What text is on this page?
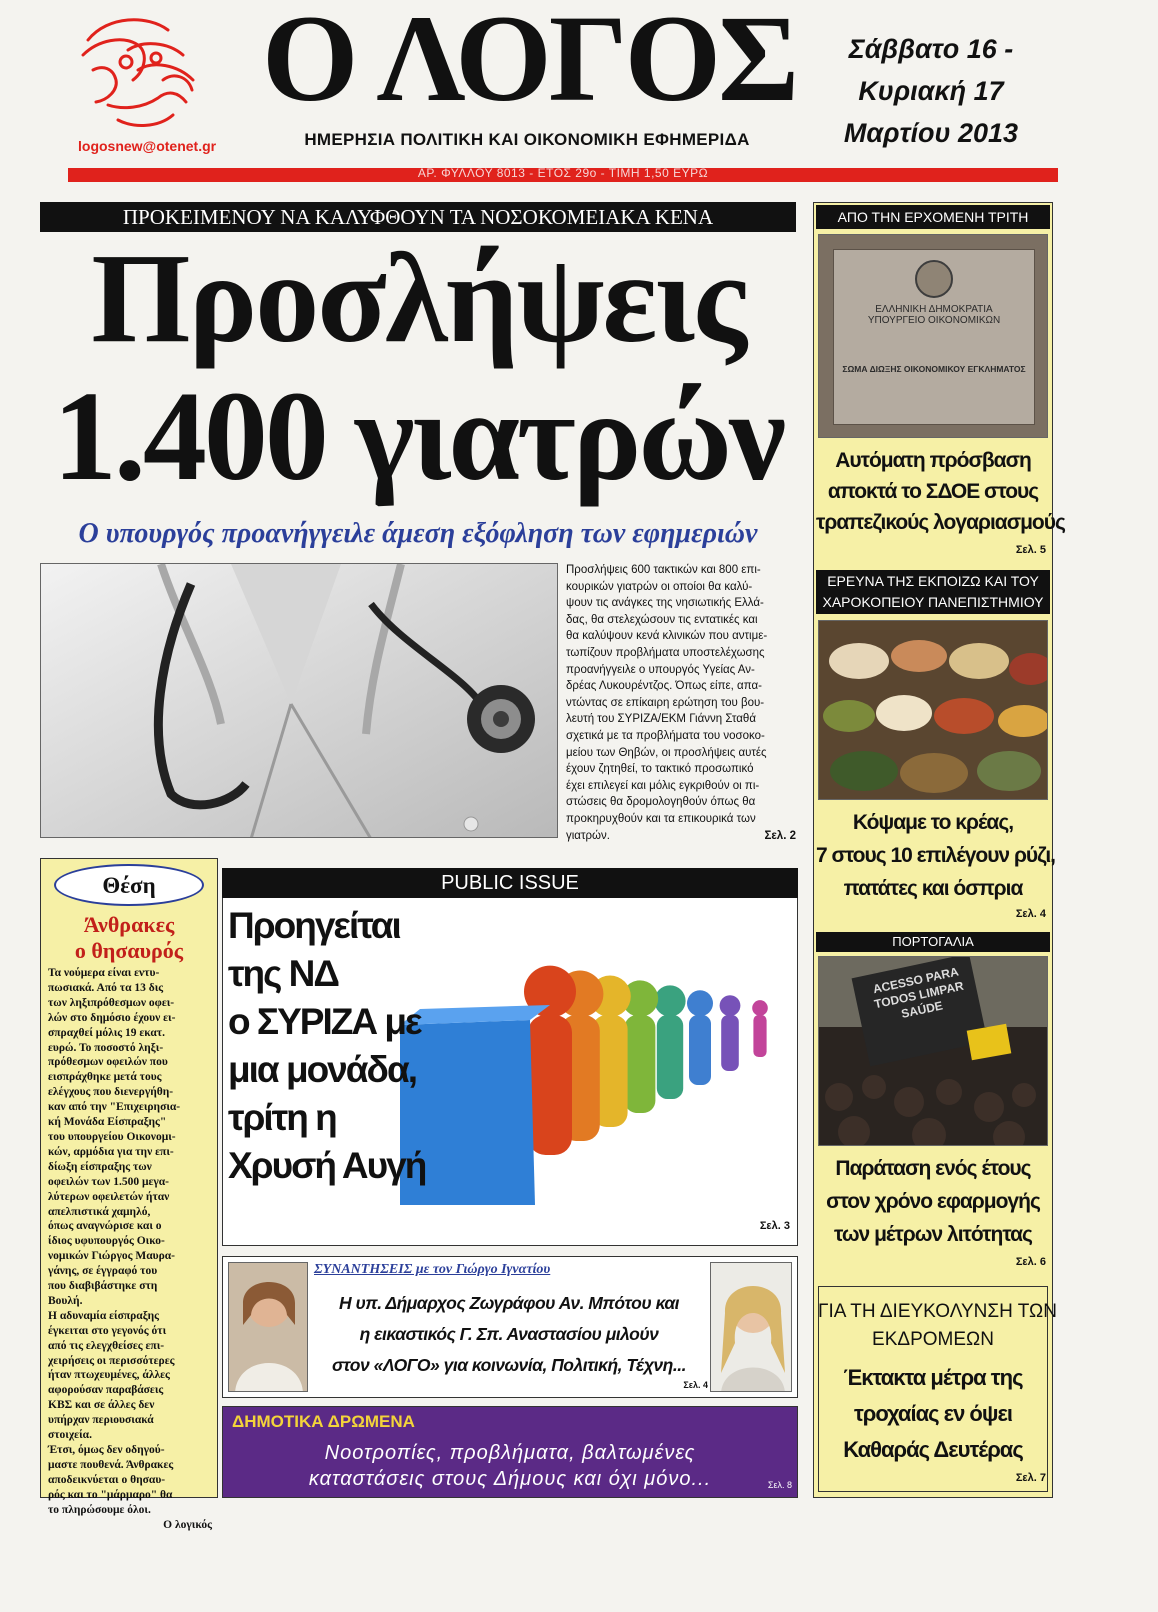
logosnew@otenet.gr
Ο ΛΟΓΟΣ
ΗΜΕΡΗΣΙΑ ΠΟΛΙΤΙΚΗ ΚΑΙ ΟΙΚΟΝΟΜΙΚΗ ΕΦΗΜΕΡΙΔΑ
Σάββατο 16 -
Κυριακή 17
Μαρτίου 2013
ΑΡ. ΦΥΛΛΟΥ 8013 - ΕΤΟΣ 29ο - ΤΙΜΗ 1,50 ΕΥΡΩ
ΠΡΟΚΕΙΜΕΝΟΥ ΝΑ ΚΑΛΥΦΘΟΥΝ ΤΑ ΝΟΣΟΚΟΜΕΙΑΚΑ ΚΕΝΑ
Προσλήψεις
1.400 γιατρών
Ο υπουργός προανήγγειλε άμεση εξόφληση των εφημεριών
Προσλήψεις 600 τακτικών και 800 επι-
κουρικών γιατρών οι οποίοι θα καλύ-
ψουν τις ανάγκες της νησιωτικής Ελλά-
δας, θα στελεχώσουν τις εντατικές και
θα καλύψουν κενά κλινικών που αντιμε-
τωπίζουν προβλήματα υποστελέχωσης
προανήγγειλε ο υπουργός Υγείας Αν-
δρέας Λυκουρέντζος. Όπως είπε, απα-
ντώντας σε επίκαιρη ερώτηση του βου-
λευτή του ΣΥΡΙΖΑ/ΕΚΜ Γιάννη Σταθά
σχετικά με τα προβλήματα του νοσοκο-
μείου των Θηβών, οι προσλήψεις αυτές
έχουν ζητηθεί, το τακτικό προσωπικό
έχει επιλεγεί και μόλις εγκριθούν οι πι-
στώσεις θα δρομολογηθούν όπως θα
προκηρυχθούν και τα επικουρικά των
γιατρών.	Σελ. 2
ΑΠΟ ΤΗΝ ΕΡΧΟΜΕΝΗ ΤΡΙΤΗ
ΕΛΛΗΝΙΚΗ ΔΗΜΟΚΡΑΤΙΑ
ΥΠΟΥΡΓΕΙΟ ΟΙΚΟΝΟΜΙΚΩΝ
ΣΩΜΑ ΔΙΩΞΗΣ ΟΙΚΟΝΟΜΙΚΟΥ ΕΓΚΛΗΜΑΤΟΣ
Αυτόματη πρόσβαση
αποκτά το ΣΔΟΕ στους
τραπεζικούς λογαριασμούς
Σελ. 5
ΕΡΕΥΝΑ ΤΗΣ ΕΚΠΟΙΖΩ ΚΑΙ ΤΟΥ
ΧΑΡΟΚΟΠΕΙΟΥ ΠΑΝΕΠΙΣΤΗΜΙΟΥ
Κόψαμε το κρέας,
7 στους 10 επιλέγουν ρύζι,
πατάτες και όσπρια
Σελ. 4
ΠΟΡΤΟΓΑΛΙΑ
ACESSO PARA TODOS LIMPAR SAÚDE
Παράταση ενός έτους
στον χρόνο εφαρμογής
των μέτρων λιτότητας
Σελ. 6
ΓΙΑ ΤΗ ΔΙΕΥΚΟΛΥΝΣΗ ΤΩΝ
ΕΚΔΡΟΜΕΩΝ
Έκτακτα μέτρα της
τροχαίας εν όψει
Καθαράς Δευτέρας
Σελ. 7
Θέση
Άνθρακες
ο θησαυρός
Τα νούμερα είναι εντυ-
πωσιακά. Από τα 13 δις
των ληξιπρόθεσμων οφει-
λών στο δημόσιο έχουν ει-
σπραχθεί μόλις 19 εκατ.
ευρώ. Το ποσοστό ληξι-
πρόθεσμων οφειλών που
εισπράχθηκε μετά τους
ελέγχους που διενεργήθη-
καν από την "Επιχειρησια-
κή Μονάδα Είσπραξης"
του υπουργείου Οικονομι-
κών, αρμόδια για την επι-
δίωξη είσπραξης των
οφειλών των 1.500 μεγα-
λύτερων οφειλετών ήταν
απελπιστικά χαμηλό,
όπως αναγνώρισε και ο
ίδιος υφυπουργός Οικο-
νομικών Γιώργος Μαυρα-
γάνης, σε έγγραφό του
που διαβιβάστηκε στη
Βουλή.
Η αδυναμία είσπραξης
έγκειται στο γεγονός ότι
από τις ελεγχθείσες επι-
χειρήσεις οι περισσότερες
ήταν πτωχευμένες, άλλες
αφορούσαν παραβάσεις
ΚΒΣ και σε άλλες δεν
υπήρχαν περιουσιακά
στοιχεία.
Έτσι, όμως δεν οδηγού-
μαστε πουθενά. Άνθρακες
αποδεικνύεται ο θησαυ-
ρός και το "μάρμαρο" θα
το πληρώσουμε όλοι.
Ο λογικός
PUBLIC ISSUE
Προηγείται
της ΝΔ
ο ΣΥΡΙΖΑ με
μια μονάδα,
τρίτη η
Χρυσή Αυγή
Σελ. 3
ΣΥΝΑΝΤΗΣΕΙΣ με τον Γιώργο Ιγνατίου
Η υπ. Δήμαρχος Ζωγράφου Αν. Μπότου και
η εικαστικός Γ. Σπ. Αναστασίου μιλούν
στον «ΛΟΓΟ» για κοινωνία, Πολιτική, Τέχνη...
Σελ. 4
ΔΗΜΟΤΙΚΑ ΔΡΩΜΕΝΑ
Νοοτροπίες, προβλήματα, βαλτωμένες
καταστάσεις στους Δήμους και όχι μόνο...	Σελ. 8
